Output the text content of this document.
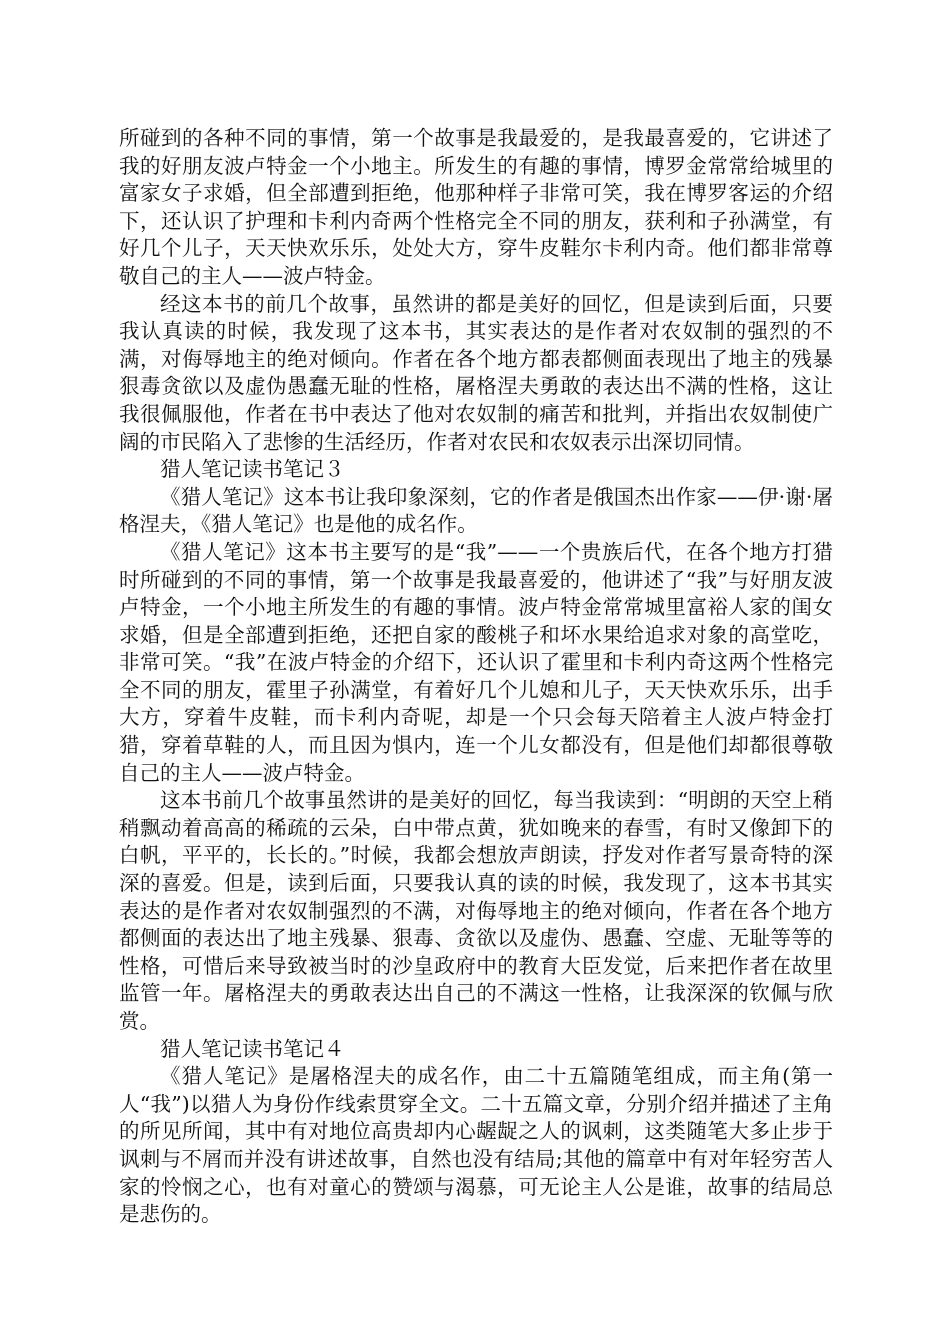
所碰到的各种不同的事情，第一个故事是我最爱的，是我最喜爱的，它讲述了我的好朋友波卢特金一个小地主。所发生的有趣的事情，博罗金常常给城里的富家女子求婚，但全部遭到拒绝，他那种样子非常可笑，我在博罗客运的介绍下，还认识了护理和卡利内奇两个性格完全不同的朋友，获利和子孙满堂，有好几个儿子，天天快欢乐乐，处处大方，穿牛皮鞋尔卡利内奇。他们都非常尊敬自己的主人——波卢特金。

经这本书的前几个故事，虽然讲的都是美好的回忆，但是读到后面，只要我认真读的时候，我发现了这本书，其实表达的是作者对农奴制的强烈的不满，对侮辱地主的绝对倾向。作者在各个地方都表都侧面表现出了地主的残暴狠毒贪欲以及虚伪愚蠢无耻的性格，屠格涅夫勇敢的表达出不满的性格，这让我很佩服他，作者在书中表达了他对农奴制的痛苦和批判，并指出农奴制使广阔的市民陷入了悲惨的生活经历，作者对农民和农奴表示出深切同情。

猎人笔记读书笔记３

《猎人笔记》这本书让我印象深刻，它的作者是俄国杰出作家——伊·谢·屠格涅夫，《猎人笔记》也是他的成名作。

《猎人笔记》这本书主要写的是“我”——一个贵族后代，在各个地方打猎时所碰到的不同的事情，第一个故事是我最喜爱的，他讲述了“我”与好朋友波卢特金，一个小地主所发生的有趣的事情。波卢特金常常城里富裕人家的闺女求婚，但是全部遭到拒绝，还把自家的酸桃子和坏水果给追求对象的高堂吃，非常可笑。“我”在波卢特金的介绍下，还认识了霍里和卡利内奇这两个性格完全不同的朋友，霍里子孙满堂，有着好几个儿媳和儿子，天天快欢乐乐，出手大方，穿着牛皮鞋，而卡利内奇呢，却是一个只会每天陪着主人波卢特金打猎，穿着草鞋的人，而且因为惧内，连一个儿女都没有，但是他们却都很尊敬自己的主人——波卢特金。

这本书前几个故事虽然讲的是美好的回忆，每当我读到：“明朗的天空上稍稍飘动着高高的稀疏的云朵，白中带点黄，犹如晚来的春雪，有时又像卸下的白帆，平平的，长长的。”时候，我都会想放声朗读，抒发对作者写景奇特的深深的喜爱。但是，读到后面，只要我认真的读的时候，我发现了，这本书其实表达的是作者对农奴制强烈的不满，对侮辱地主的绝对倾向，作者在各个地方都侧面的表达出了地主残暴、狠毒、贪欲以及虚伪、愚蠢、空虚、无耻等等的性格，可惜后来导致被当时的沙皇政府中的教育大臣发觉，后来把作者在故里监管一年。屠格涅夫的勇敢表达出自己的不满这一性格，让我深深的钦佩与欣赏。

猎人笔记读书笔记４

《猎人笔记》是屠格涅夫的成名作，由二十五篇随笔组成，而主角(第一人“我”)以猎人为身份作线索贯穿全文。二十五篇文章，分别介绍并描述了主角的所见所闻，其中有对地位高贵却内心龌龊之人的讽刺，这类随笔大多止步于讽刺与不屑而并没有讲述故事，自然也没有结局;其他的篇章中有对年轻穷苦人家的怜悯之心，也有对童心的赞颂与渴慕，可无论主人公是谁，故事的结局总是悲伤的。
